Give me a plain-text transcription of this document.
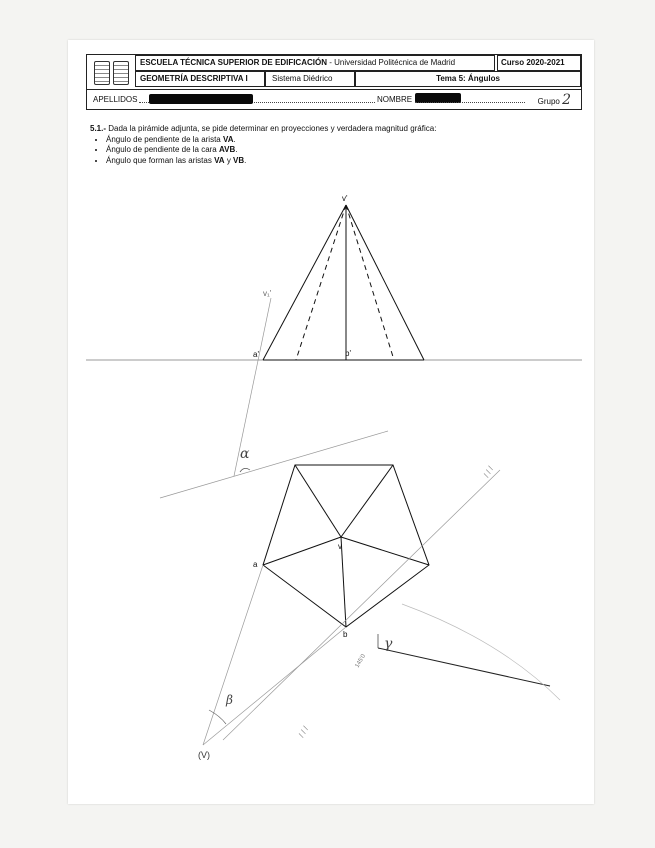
ESCUELA TÉCNICA SUPERIOR DE EDIFICACIÓN - Universidad Politécnica de Madrid	Curso 2020-2021
GEOMETRÍA DESCRIPTIVA I	Sistema Diédrico	Tema 5: Ángulos
APELLIDOS	NOMBRE	Grupo 2
5.1.- Dada la pirámide adjunta, se pide determinar en proyecciones y verdadera magnitud gráfica:
• Ángulo de pendiente de la arista VA.
• Ángulo de pendiente de la cara AVB.
• Ángulo que forman las aristas VA y VB.
v'
a'	b'
v₁'
α
a
v
b
β
(V)
γ
145'0
/ / /
/ / /
